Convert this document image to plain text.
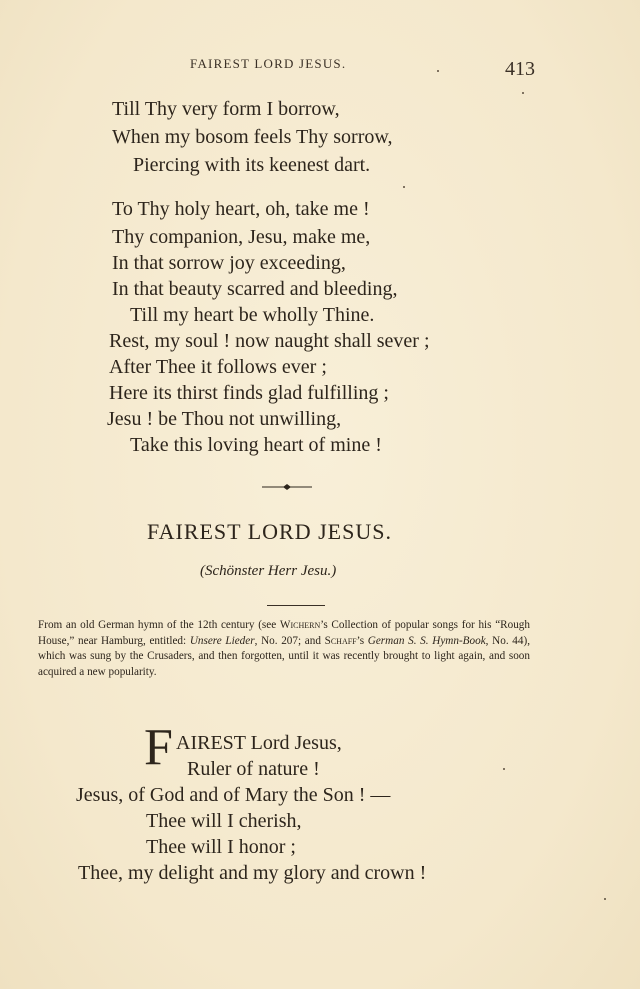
FAIREST LORD JESUS.	413
Till Thy very form I borrow,
When my bosom feels Thy sorrow,
Piercing with its keenest dart.
To Thy holy heart, oh, take me !
Thy companion, Jesu, make me,
In that sorrow joy exceeding,
In that beauty scarred and bleeding,
Till my heart be wholly Thine.
Rest, my soul ! now naught shall sever ;
After Thee it follows ever ;
Here its thirst finds glad fulfilling ;
Jesu ! be Thou not unwilling,
Take this loving heart of mine !
FAIREST LORD JESUS.
(Schönster Herr Jesu.)
From an old German hymn of the 12th century (see Wichern’s Collection of popular songs for his “Rough House,” near Hamburg, entitled: Unsere Lieder, No. 207; and Schaff’s German S. S. Hymn-Book, No. 44), which was sung by the Crusaders, and then forgotten, until it was recently brought to light again, and soon acquired a new popularity.
F AIREST Lord Jesus,
Ruler of nature !
Jesus, of God and of Mary the Son ! —
Thee will I cherish,
Thee will I honor ;
Thee, my delight and my glory and crown !
